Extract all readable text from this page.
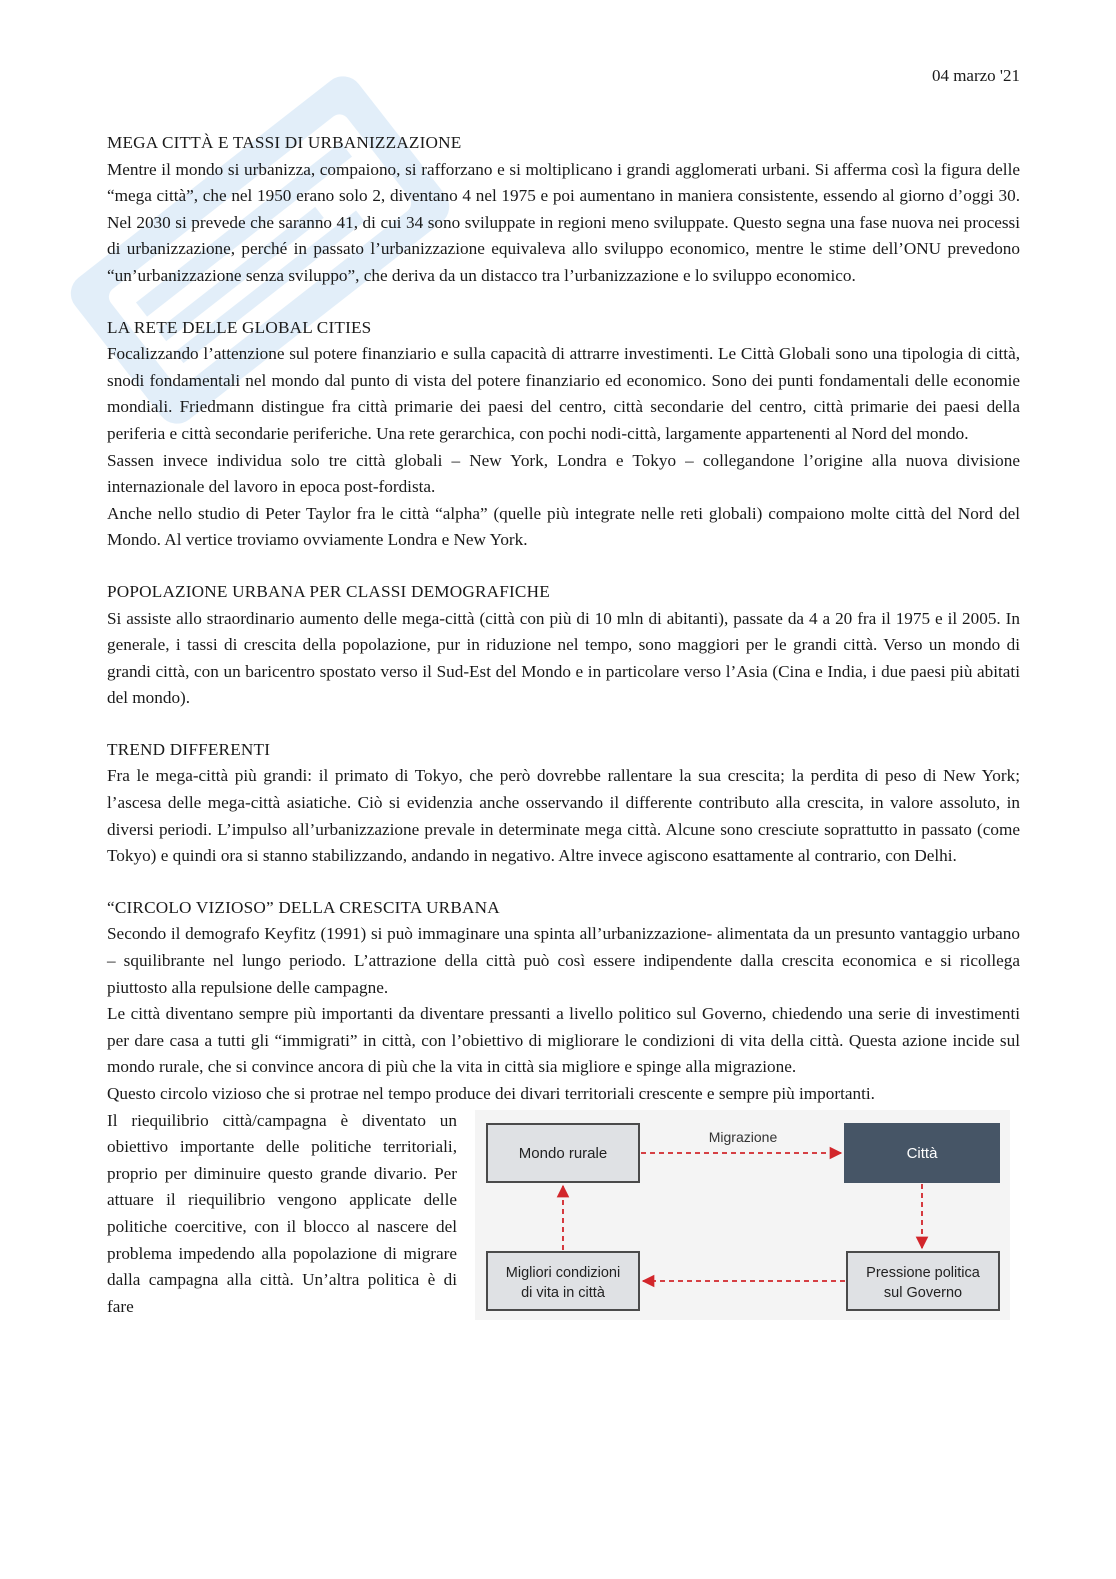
04 marzo '21
MEGA CITTÀ E TASSI DI URBANIZZAZIONE

Mentre il mondo si urbanizza, compaiono, si rafforzano e si moltiplicano i grandi agglomerati urbani. Si afferma così la figura delle “mega città”, che nel 1950 erano solo 2, diventano 4 nel 1975 e poi aumentano in maniera consistente, essendo al giorno d’oggi 30. Nel 2030 si prevede che saranno 41, di cui 34 sono sviluppate in regioni meno sviluppate. Questo segna una fase nuova nei processi di urbanizzazione, perché in passato l’urbanizzazione equivaleva allo sviluppo economico, mentre le stime dell’ONU prevedono “un’urbanizzazione senza sviluppo”, che deriva da un distacco tra l’urbanizzazione e lo sviluppo economico.

LA RETE DELLE GLOBAL CITIES

Focalizzando l’attenzione sul potere finanziario e sulla capacità di attrarre investimenti. Le Città Globali sono una tipologia di città, snodi fondamentali nel mondo dal punto di vista del potere finanziario ed economico. Sono dei punti fondamentali delle economie mondiali. Friedmann distingue fra città primarie dei paesi del centro, città secondarie del centro, città primarie dei paesi della periferia e città secondarie periferiche. Una rete gerarchica, con pochi nodi-città, largamente appartenenti al Nord del mondo.

Sassen invece individua solo tre città globali – New York, Londra e Tokyo – collegandone l’origine alla nuova divisione internazionale del lavoro in epoca post-fordista.

Anche nello studio di Peter Taylor fra le città “alpha” (quelle più integrate nelle reti globali) compaiono molte città del Nord del Mondo. Al vertice troviamo ovviamente Londra e New York.

POPOLAZIONE URBANA PER CLASSI DEMOGRAFICHE

Si assiste allo straordinario aumento delle mega-città (città con più di 10 mln di abitanti), passate da 4 a 20 fra il 1975 e il 2005. In generale, i tassi di crescita della popolazione, pur in riduzione nel tempo, sono maggiori per le grandi città. Verso un mondo di grandi città, con un baricentro spostato verso il Sud-Est del Mondo e in particolare verso l’Asia (Cina e India, i due paesi più abitati del mondo).

TREND DIFFERENTI

Fra le mega-città più grandi: il primato di Tokyo, che però dovrebbe rallentare la sua crescita; la perdita di peso di New York; l’ascesa delle mega-città asiatiche. Ciò si evidenzia anche osservando il differente contributo alla crescita, in valore assoluto, in diversi periodi. L’impulso all’urbanizzazione prevale in determinate mega città. Alcune sono cresciute soprattutto in passato (come Tokyo) e quindi ora si stanno stabilizzando, andando in negativo. Altre invece agiscono esattamente al contrario, con Delhi.

“CIRCOLO VIZIOSO” DELLA CRESCITA URBANA

Secondo il demografo Keyfitz (1991) si può immaginare una spinta all’urbanizzazione- alimentata da un presunto vantaggio urbano – squilibrante nel lungo periodo. L’attrazione della città può così essere indipendente dalla crescita economica e si ricollega piuttosto alla repulsione delle campagne.

Le città diventano sempre più importanti da diventare pressanti a livello politico sul Governo, chiedendo una serie di investimenti per dare casa a tutti gli “immigrati” in città, con l’obiettivo di migliorare le condizioni di vita della città. Questa azione incide sul mondo rurale, che si convince ancora di più che la vita in città sia migliore e spinge alla migrazione.

Questo circolo vizioso che si protrae nel tempo produce dei divari territoriali crescente e sempre più importanti.

Il riequilibrio città/campagna è diventato un obiettivo importante delle politiche territoriali, proprio per diminuire questo grande divario. Per attuare il riequilibrio vengono applicate delle politiche coercitive, con il blocco al nascere del problema impedendo alla popolazione di migrare dalla campagna alla città. Un’altra politica è di fare

Mondo rurale	Città
Pressione politica
sul Governo
Migliori condizioni
di vita in città
Migrazione
